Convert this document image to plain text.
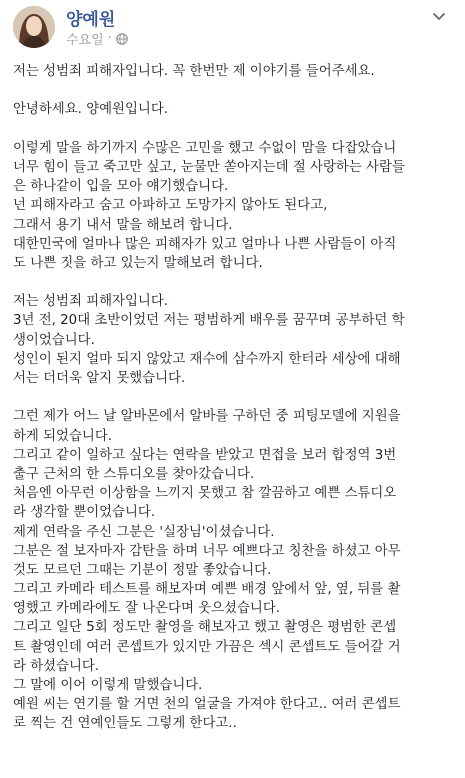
양예원
수요일 ·
저는 성범죄 피해자입니다. 꼭 한번만 제 이야기를 들어주세요.
안녕하세요. 양예원입니다.
이렇게 말을 하기까지 수많은 고민을 했고 수없이 맘을 다잡았습니
너무 힘이 들고 죽고만 싶고, 눈물만 쏟아지는데 절 사랑하는 사람들
은 하나같이 입을 모아 얘기했습니다.
넌 피해자라고 숨고 아파하고 도망가지 않아도 된다고,
그래서 용기 내서 말을 해보려 합니다.
대한민국에 얼마나 많은 피해자가 있고 얼마나 나쁜 사람들이 아직
도 나쁜 짓을 하고 있는지 말해보려 합니다.
저는 성범죄 피해자입니다.
3년 전, 20대 초반이었던 저는 평범하게 배우를 꿈꾸며 공부하던 학
생이었습니다.
성인이 된지 얼마 되지 않았고 재수에 삼수까지 한터라 세상에 대해
서는 더더욱 알지 못했습니다.
그런 제가 어느 날 알바몬에서 알바를 구하던 중 피팅모델에 지원을
하게 되었습니다.
그리고 같이 일하고 싶다는 연락을 받았고 면접을 보러 합정역 3번
출구 근처의 한 스튜디오를 찾아갔습니다.
처음엔 아무런 이상함을 느끼지 못했고 참 깔끔하고 예쁜 스튜디오
라 생각할 뿐이었습니다.
제게 연락을 주신 그분은 '실장님'이셨습니다.
그분은 절 보자마자 감탄을 하며 너무 예쁘다고 칭찬을 하셨고 아무
것도 모르던 그때는 기분이 정말 좋았습니다.
그리고 카메라 테스트를 해보자며 예쁜 배경 앞에서 앞, 옆, 뒤를 촬
영했고 카메라에도 잘 나온다며 웃으셨습니다.
그리고 일단 5회 정도만 촬영을 해보자고 했고 촬영은 평범한 콘셉
트 촬영인데 여러 콘셉트가 있지만 가끔은 섹시 콘셉트도 들어갈 거
라 하셨습니다.
그 말에 이어 이렇게 말했습니다.
예원 씨는 연기를 할 거면 천의 얼굴을 가져야 한다고.. 여러 콘셉트
로 찍는 건 연예인들도 그렇게 한다고..
